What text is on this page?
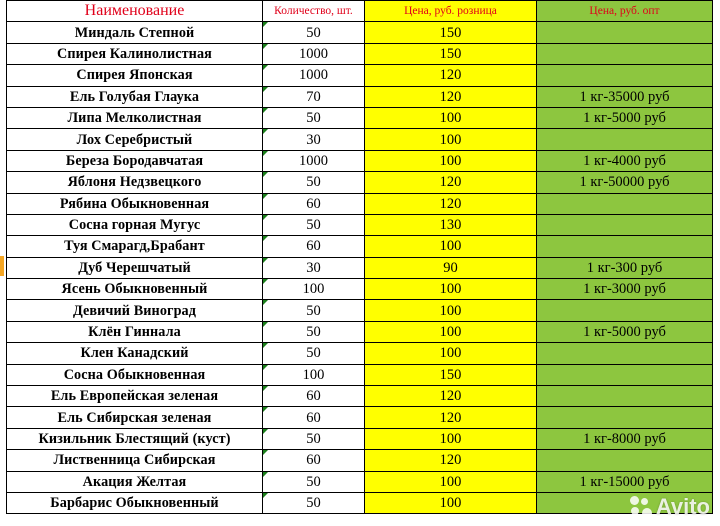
Наименование	Количество, шт.	Цена, руб. розница	Цена, руб. опт
Миндаль Степной	50	150	
Спирея Калинолистная	1000	150	
Спирея Японская	1000	120	
Ель Голубая Глаука	70	120	1 кг-35000 руб
Липа Мелколистная	50	100	1 кг-5000 руб
Лох Серебристый	30	100	
Береза Бородавчатая	1000	100	1 кг-4000 руб
Яблоня Недзвецкого	50	120	1 кг-50000 руб
Рябина Обыкновенная	60	120	
Сосна горная Мугус	50	130	
Туя Смарагд,Брабант	60	100	
Дуб Черешчатый	30	90	1 кг-300 руб
Ясень Обыкновенный	100	100	1 кг-3000 руб
Девичий Виноград	50	100	
Клён Гиннала	50	100	1 кг-5000 руб
Клен Канадский	50	100	
Сосна Обыкновенная	100	150	
Ель Европейская зеленая	60	120	
Ель Сибирская зеленая	60	120	
Кизильник Блестящий (куст)	50	100	1 кг-8000 руб
Лиственница Сибирская	60	120	
Акация Желтая	50	100	1 кг-15000 руб
Барбарис Обыкновенный	50	100		Avito
